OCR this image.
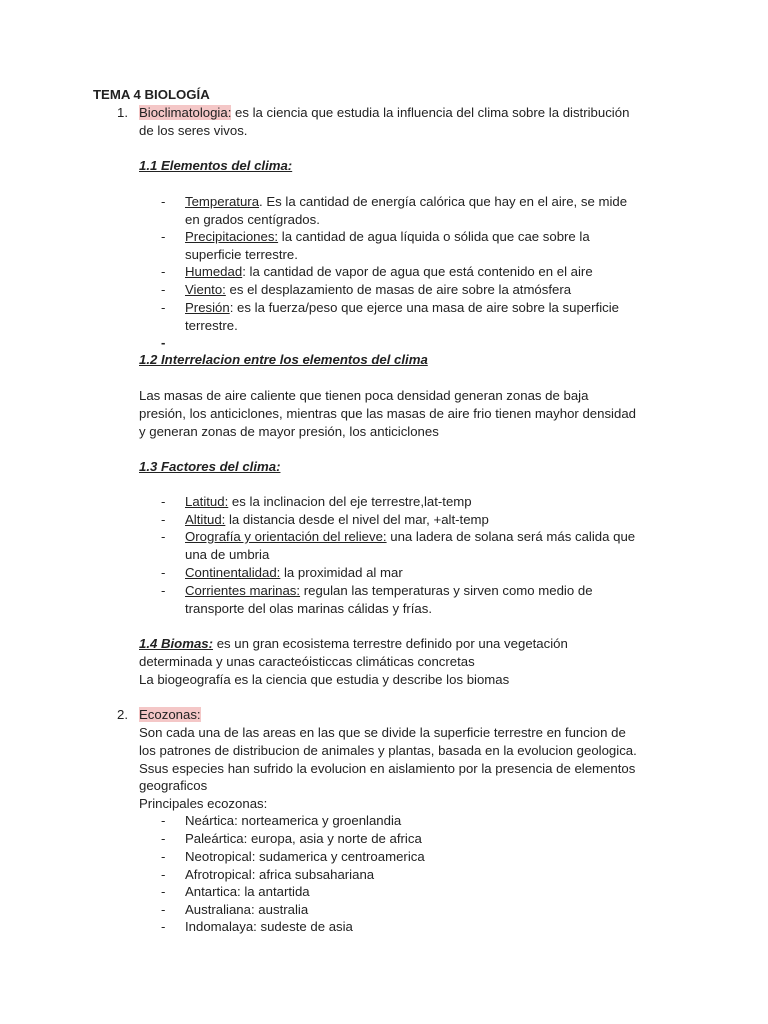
TEMA 4 BIOLOGÍA
1. Bioclimatologia: es la ciencia que estudia la influencia del clima sobre la distribución
de los seres vivos.
1.1 Elementos del clima:
- Temperatura. Es la cantidad de energía calórica que hay en el aire, se mide
en grados centígrados.
- Precipitaciones: la cantidad de agua líquida o sólida que cae sobre la
superficie terrestre.
- Humedad: la cantidad de vapor de agua que está contenido en el aire
- Viento: es el desplazamiento de masas de aire sobre la atmósfera
- Presión: es la fuerza/peso que ejerce una masa de aire sobre la superficie
terrestre.
-
1.2 Interrelacion entre los elementos del clima
Las masas de aire caliente que tienen poca densidad generan zonas de baja
presión, los anticiclones, mientras que las masas de aire frio tienen mayhor densidad
y generan zonas de mayor presión, los anticiclones
1.3 Factores del clima:
- Latitud: es la inclinacion del eje terrestre,lat-temp
- Altitud: la distancia desde el nivel del mar, +alt-temp
- Orografía y orientación del relieve: una ladera de solana será más calida que
una de umbria
- Continentalidad: la proximidad al mar
- Corrientes marinas: regulan las temperaturas y sirven como medio de
transporte del olas marinas cálidas y frías.
1.4 Biomas: es un gran ecosistema terrestre definido por una vegetación
determinada y unas caracteóisticcas climáticas concretas
La biogeografía es la ciencia que estudia y describe los biomas
2. Ecozonas:
Son cada una de las areas en las que se divide la superficie terrestre en funcion de
los patrones de distribucion de animales y plantas, basada en la evolucion geologica.
Ssus especies han sufrido la evolucion en aislamiento por la presencia de elementos
geograficos
Principales ecozonas:
- Neártica: norteamerica y groenlandia
- Paleártica: europa, asia y norte de africa
- Neotropical: sudamerica y centroamerica
- Afrotropical: africa subsahariana
- Antartica: la antartida
- Australiana: australia
- Indomalaya: sudeste de asia
